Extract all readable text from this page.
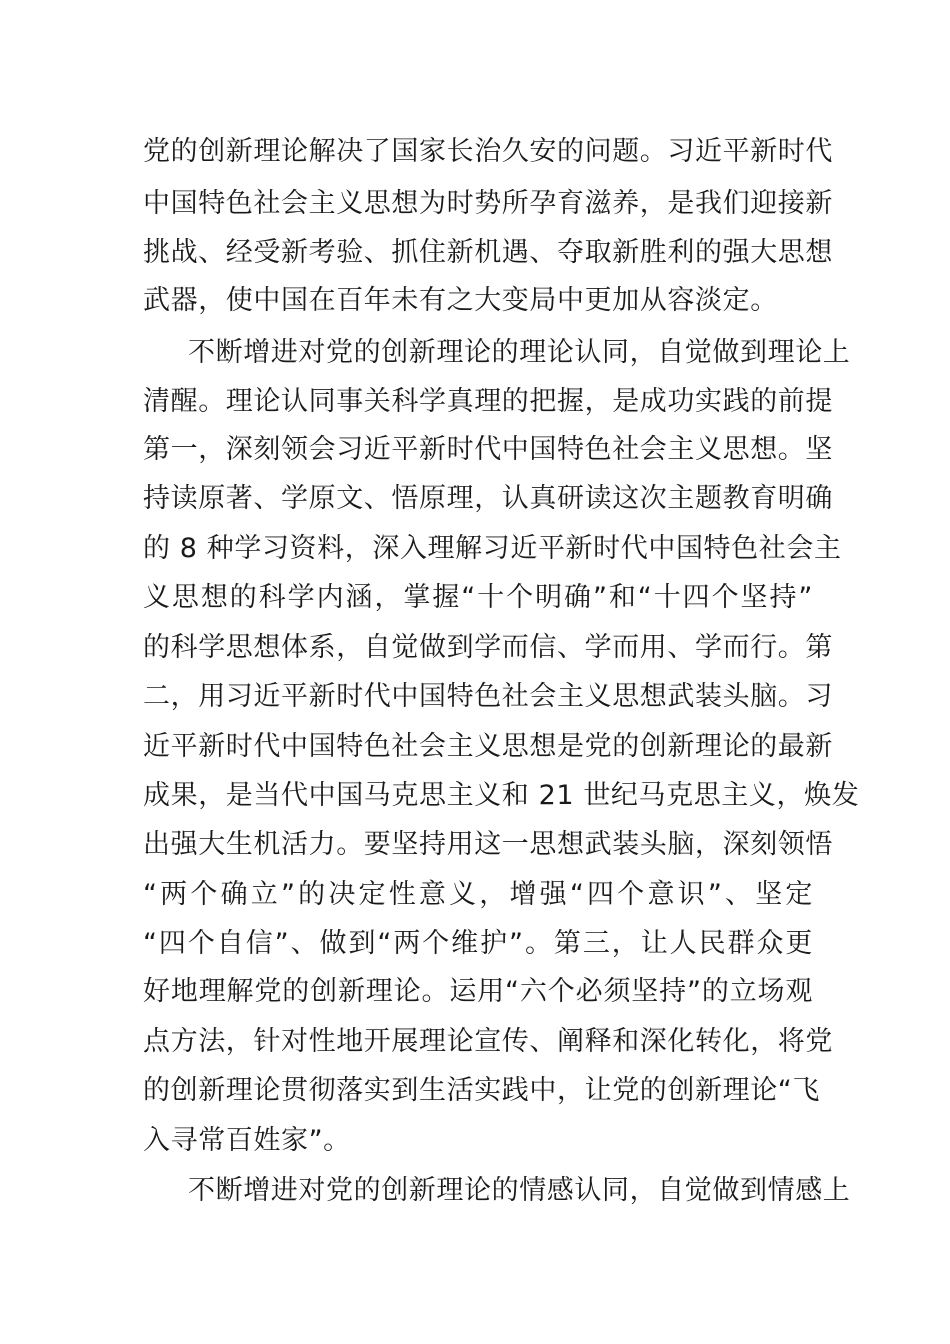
党的创新理论解决了国家长治久安的问题。习近平新时代
中国特色社会主义思想为时势所孕育滋养，是我们迎接新
挑战、经受新考验、抓住新机遇、夺取新胜利的强大思想
武器，使中国在百年未有之大变局中更加从容淡定。
不断增进对党的创新理论的理论认同，自觉做到理论上
清醒。理论认同事关科学真理的把握，是成功实践的前提
第一，深刻领会习近平新时代中国特色社会主义思想。坚
持读原著、学原文、悟原理，认真研读这次主题教育明确
的 8 种学习资料，深入理解习近平新时代中国特色社会主
义思想的科学内涵，掌握“十个明确”和“十四个坚持”
的科学思想体系，自觉做到学而信、学而用、学而行。第
二，用习近平新时代中国特色社会主义思想武装头脑。习
近平新时代中国特色社会主义思想是党的创新理论的最新
成果，是当代中国马克思主义和 21 世纪马克思主义，焕发
出强大生机活力。要坚持用这一思想武装头脑，深刻领悟
“两个确立”的决定性意义，增强“四个意识”、坚定
“四个自信”、做到“两个维护”。第三，让人民群众更
好地理解党的创新理论。运用“六个必须坚持”的立场观
点方法，针对性地开展理论宣传、阐释和深化转化，将党
的创新理论贯彻落实到生活实践中，让党的创新理论“飞
入寻常百姓家”。
不断增进对党的创新理论的情感认同，自觉做到情感上
